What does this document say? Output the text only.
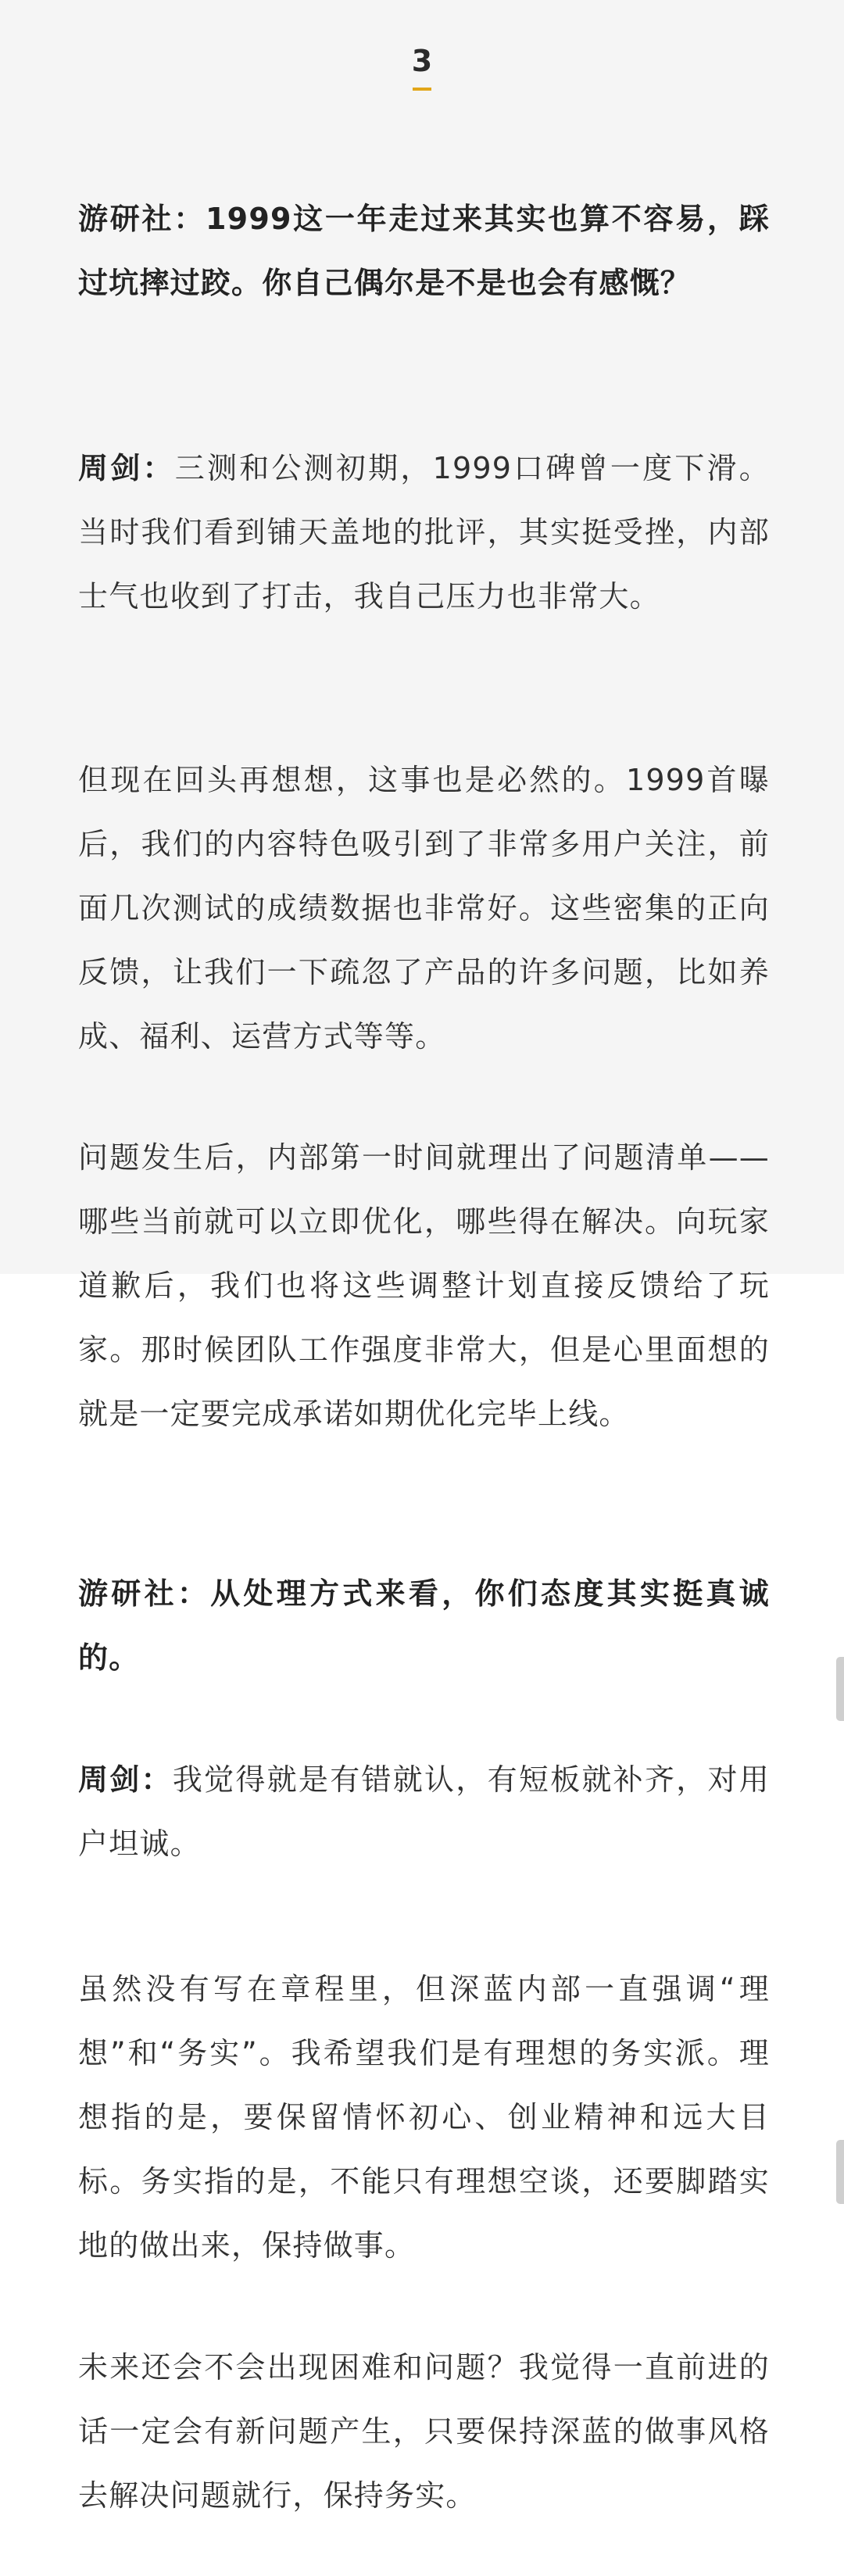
3

游研社：1999这一年走过来其实也算不容易，踩过坑摔过跤。你自己偶尔是不是也会有感慨？

周剑：三测和公测初期，1999口碑曾一度下滑。当时我们看到铺天盖地的批评，其实挺受挫，内部士气也收到了打击，我自己压力也非常大。

但现在回头再想想，这事也是必然的。1999首曝后，我们的内容特色吸引到了非常多用户关注，前面几次测试的成绩数据也非常好。这些密集的正向反馈，让我们一下疏忽了产品的许多问题，比如养成、福利、运营方式等等。

问题发生后，内部第一时间就理出了问题清单——哪些当前就可以立即优化，哪些得在解决。向玩家道歉后，我们也将这些调整计划直接反馈给了玩家。那时候团队工作强度非常大，但是心里面想的就是一定要完成承诺如期优化完毕上线。

游研社：从处理方式来看，你们态度其实挺真诚的。

周剑：我觉得就是有错就认，有短板就补齐，对用户坦诚。

虽然没有写在章程里，但深蓝内部一直强调“理想”和“务实”。我希望我们是有理想的务实派。理想指的是，要保留情怀初心、创业精神和远大目标。务实指的是，不能只有理想空谈，还要脚踏实地的做出来，保持做事。

未来还会不会出现困难和问题？我觉得一直前进的话一定会有新问题产生，只要保持深蓝的做事风格去解决问题就行，保持务实。
